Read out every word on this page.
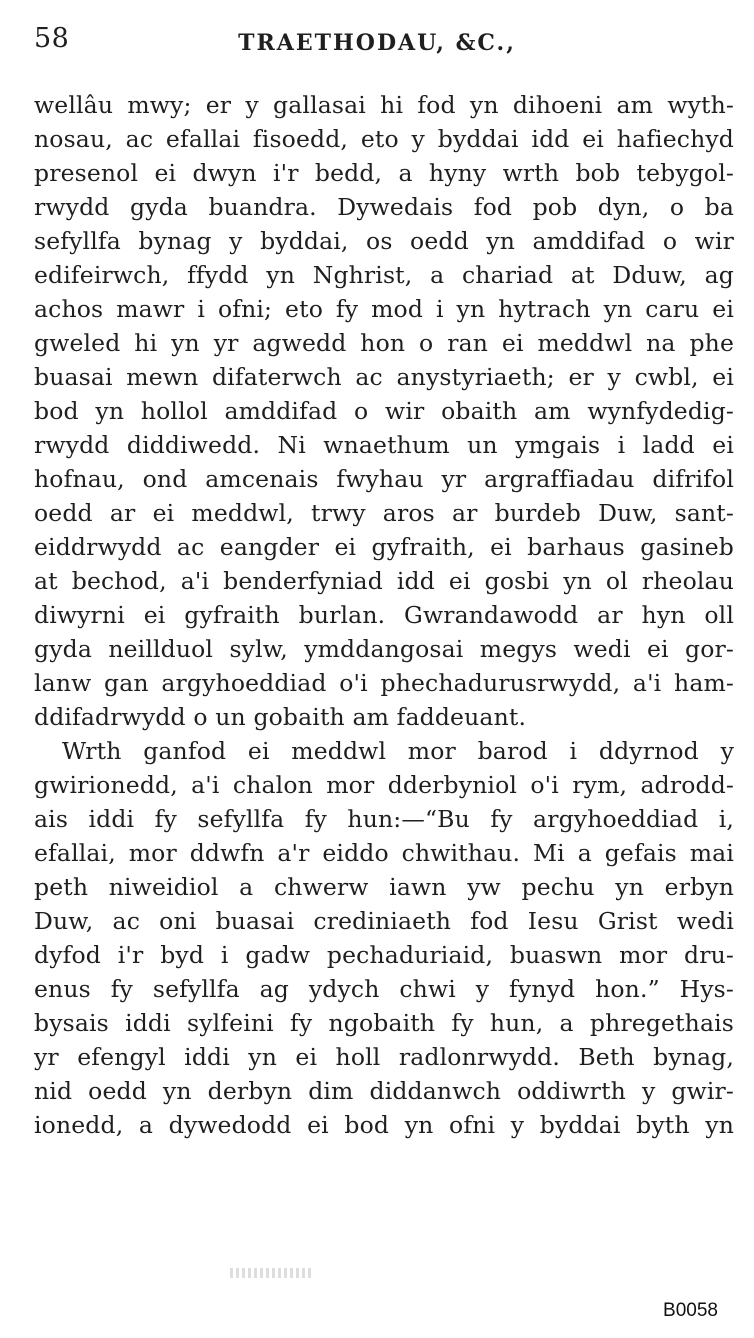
58	TRAETHODAU, &C.,
wellâu mwy; er y gallasai hi fod yn dihoeni am wyth-
nosau, ac efallai fisoedd, eto y byddai idd ei hafiechyd
presenol ei dwyn i'r bedd, a hyny wrth bob tebygol-
rwydd gyda buandra. Dywedais fod pob dyn, o ba
sefyllfa bynag y byddai, os oedd yn amddifad o wir
edifeirwch, ffydd yn Nghrist, a chariad at Dduw, ag
achos mawr i ofni; eto fy mod i yn hytrach yn caru ei
gweled hi yn yr agwedd hon o ran ei meddwl na phe
buasai mewn difaterwch ac anystyriaeth; er y cwbl, ei
bod yn hollol amddifad o wir obaith am wynfydedig-
rwydd diddiwedd. Ni wnaethum un ymgais i ladd ei
hofnau, ond amcenais fwyhau yr argraffiadau difrifol
oedd ar ei meddwl, trwy aros ar burdeb Duw, sant-
eiddrwydd ac eangder ei gyfraith, ei barhaus gasineb
at bechod, a'i benderfyniad idd ei gosbi yn ol rheolau
diwyrni ei gyfraith burlan. Gwrandawodd ar hyn oll
gyda neillduol sylw, ymddangosai megys wedi ei gor-
lanw gan argyhoeddiad o'i phechadurusrwydd, a'i ham-
ddifadrwydd o un gobaith am faddeuant.
Wrth ganfod ei meddwl mor barod i ddyrnod y
gwirionedd, a'i chalon mor dderbyniol o'i rym, adrodd-
ais iddi fy sefyllfa fy hun:—“Bu fy argyhoeddiad i,
efallai, mor ddwfn a'r eiddo chwithau. Mi a gefais mai
peth niweidiol a chwerw iawn yw pechu yn erbyn
Duw, ac oni buasai crediniaeth fod Iesu Grist wedi
dyfod i'r byd i gadw pechaduriaid, buaswn mor dru-
enus fy sefyllfa ag ydych chwi y fynyd hon.” Hys-
bysais iddi sylfeini fy ngobaith fy hun, a phregethais
yr efengyl iddi yn ei holl radlonrwydd. Beth bynag,
nid oedd yn derbyn dim diddanwch oddiwrth y gwir-
ionedd, a dywedodd ei bod yn ofni y byddai byth yn
B0058
